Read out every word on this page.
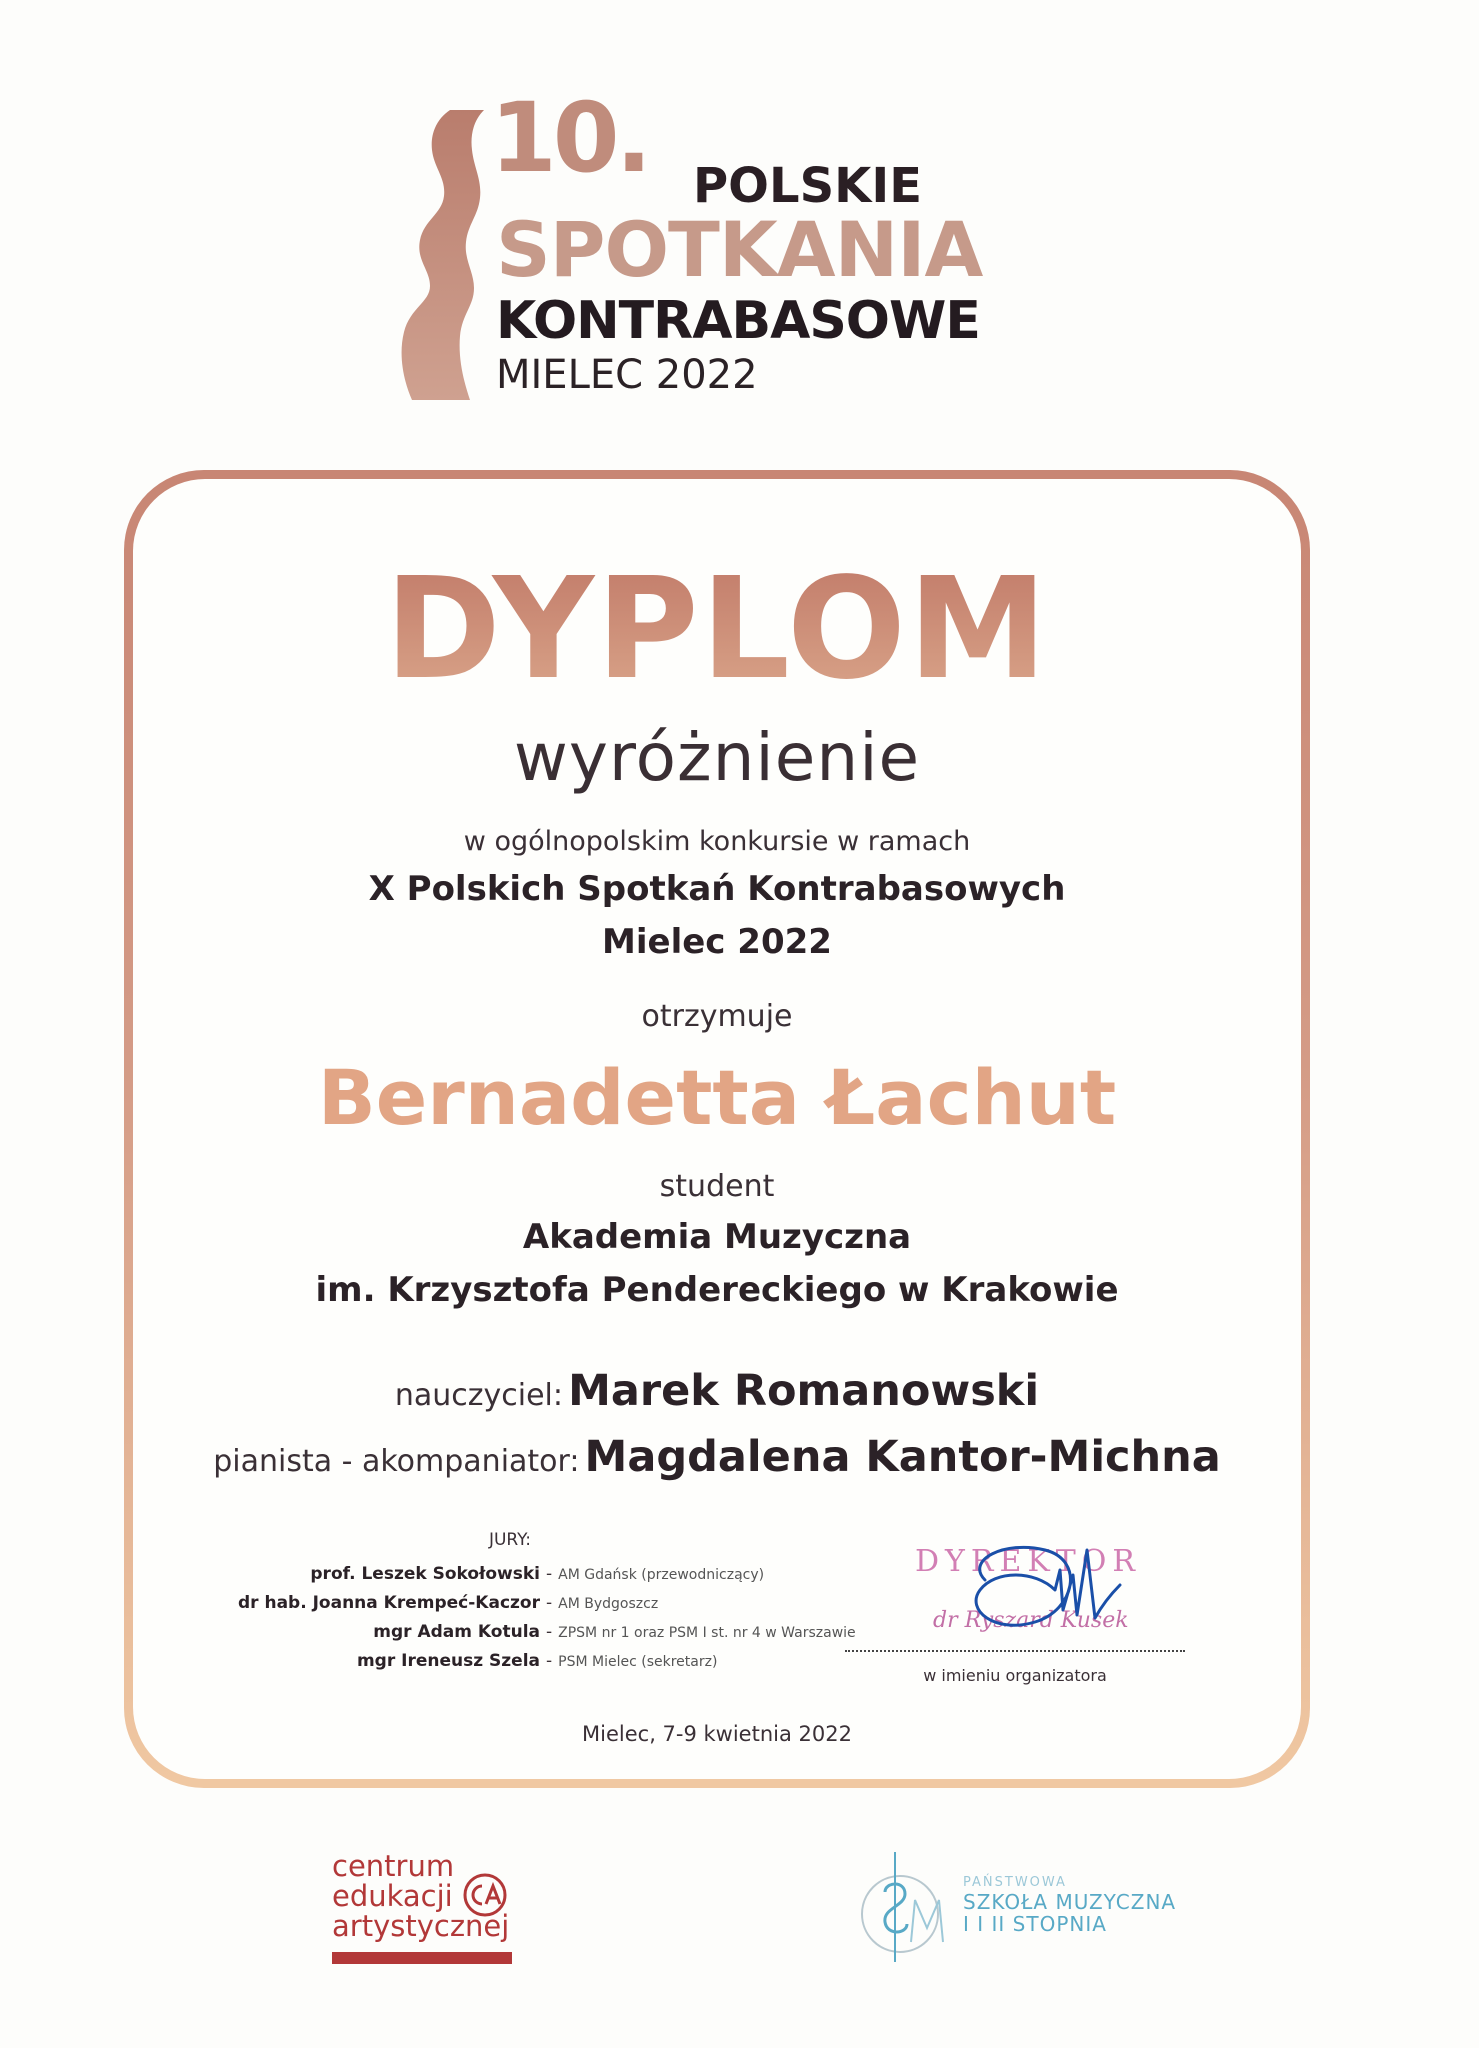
10. POLSKIE
SPOTKANIA
KONTRABASOWE
MIELEC 2022
DYPLOM
wyróżnienie
w ogólnopolskim konkursie w ramach
X Polskich Spotkań Kontrabasowych
Mielec 2022
otrzymuje
Bernadetta Łachut
student
Akademia Muzyczna
im. Krzysztofa Pendereckiego w Krakowie
nauczyciel: Marek Romanowski
pianista - akompaniator: Magdalena Kantor-Michna
JURY:
prof. Leszek Sokołowski - AM Gdańsk (przewodniczący)
dr hab. Joanna Krempeć-Kaczor - AM Bydgoszcz
mgr Adam Kotula - ZPSM nr 1 oraz PSM I st. nr 4 w Warszawie
mgr Ireneusz Szela - PSM Mielec (sekretarz)
DYREKTOR
dr Ryszard Kusek
w imieniu organizatora
Mielec, 7-9 kwietnia 2022
centrum
edukacji
artystycznej
PAŃSTWOWA
SZKOŁA MUZYCZNA
I I II STOPNIA
